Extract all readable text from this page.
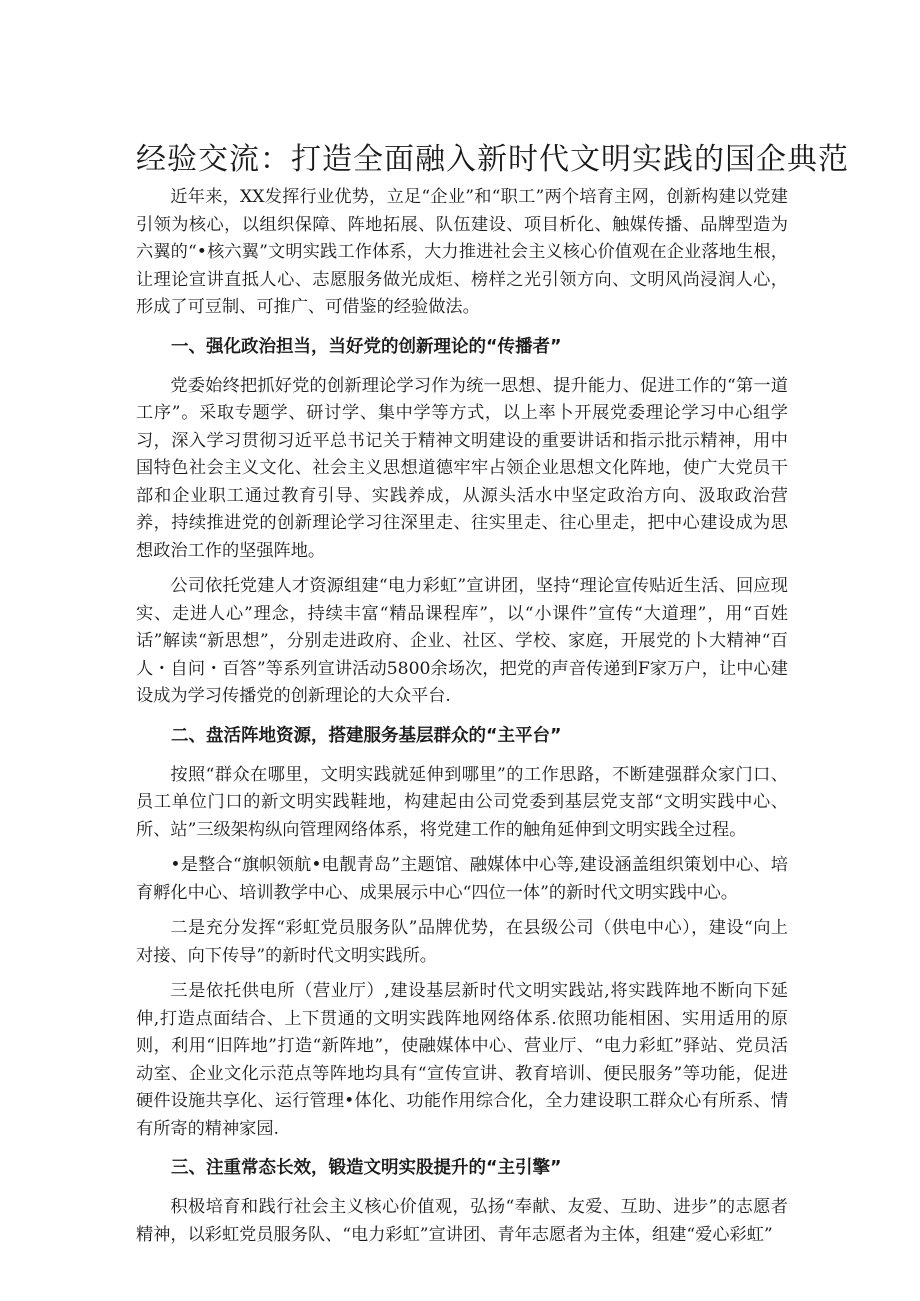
经验交流：打造全面融入新时代文明实践的国企典范

近年来，XX发挥行业优势，立足“企业”和“职工”两个培育主网，创新构建以党建引领为核心，以组织保障、阵地拓展、队伍建设、项目析化、触媒传播、品牌型造为六翼的“•核六翼”文明实践工作体系，大力推进社会主义核心价值观在企业落地生根，让理论宣讲直抵人心、志愿服务做光成炬、榜样之光引领方向、文明风尚浸润人心，形成了可豆制、可推广、可借鉴的经验做法。

一、强化政治担当，当好党的创新理论的“传播者”

党委始终把抓好党的创新理论学习作为统一思想、提升能力、促进工作的“第一道工序”。采取专题学、研讨学、集中学等方式，以上率卜开展党委理论学习中心组学习，深入学习贯彻习近平总书记关于精神文明建设的重要讲话和指示批示精神，用中国特色社会主义文化、社会主义思想道德牢牢占领企业思想文化阵地，使广大党员干部和企业职工通过教育引导、实践养成，从源头活水中坚定政治方向、汲取政治营养，持续推进党的创新理论学习往深里走、往实里走、往心里走，把中心建设成为思想政治工作的坚强阵地。

公司依托党建人才资源组建“电力彩虹”宣讲团，坚持“理论宣传贴近生活、回应现实、走进人心”理念，持续丰富“精品课程库”，以“小课件”宣传“大道理”，用“百姓话”解读“新思想”，分别走进政府、企业、社区、学校、家庭，开展党的卜大精神“百人・自问・百答”等系列宣讲活动5800余场次，把党的声音传递到F家万户，让中心建设成为学习传播党的创新理论的大众平台.

二、盘活阵地资源，搭建服务基层群众的“主平台”

按照“群众在哪里，文明实践就延伸到哪里”的工作思路，不断建强群众家门口、员工单位门口的新文明实践鞋地，构建起由公司党委到基层党支部“文明实践中心、所、站”三级架构纵向管理网络体系，将党建工作的触角延伸到文明实践全过程。

•是整合“旗帜领航•电靓青岛”主题馆、融媒体中心等,建设涵盖组织策划中心、培育孵化中心、培训教学中心、成果展示中心“四位一体”的新时代文明实践中心。

二是充分发挥“彩虹党员服务队”品牌优势，在县级公司（供电中心），建设“向上对接、向下传导”的新时代文明实践所。

三是依托供电所（营业厅）,建设基层新时代文明实践站,将实践阵地不断向下延伸,打造点面结合、上下贯通的文明实践阵地网络体系.依照功能相困、实用适用的原则，利用“旧阵地”打造“新阵地”，使融媒体中心、营业厅、“电力彩虹”驿站、党员活动室、企业文化示范点等阵地均具有“宣传宣讲、教育培训、便民服务”等功能，促进硬件设施共享化、运行管理•体化、功能作用综合化，全力建设职工群众心有所系、情有所寄的精神家园.

三、注重常态长效，锻造文明实股提升的“主引擎”

积极培育和践行社会主义核心价值观，弘扬“奉献、友爱、互助、进步”的志愿者精神，以彩虹党员服务队、“电力彩虹”宣讲团、青年志愿者为主体，组建“爱心彩虹”
